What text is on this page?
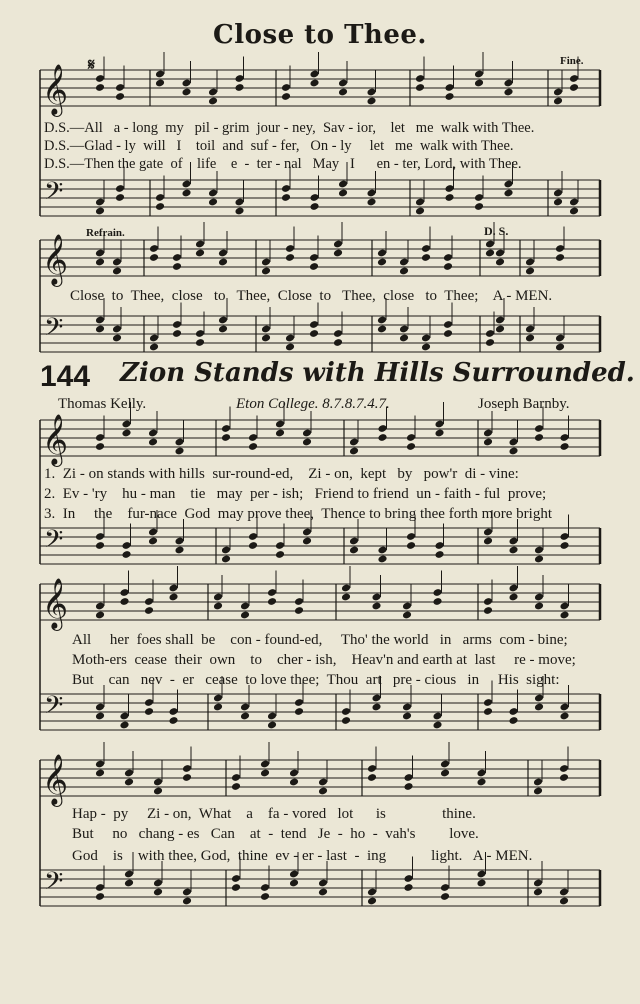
𝄞
𝄢
𝄞
𝄢
𝄞
𝄢
𝄞
𝄢
𝄞
𝄢
Close to Thee.
𝄋	Fine.
D.S.—All   a - long  my   pil - grim  jour - ney,  Sav - ior,    let   me  walk with Thee.
D.S.—Glad - ly  will   I    toil  and  suf - fer,   On - ly     let   me  walk with Thee.
D.S.—Then the gate  of    life    e  -  ter - nal   May   I      en - ter, Lord, with Thee.
Refrain.	D. S.
Close  to  Thee,  close   to   Thee,  Close  to   Thee,  close   to  Thee;    A - MEN.
144 Zion Stands with Hills Surrounded.
Thomas Kelly.	Eton College. 8.7.8.7.4.7.	Joseph Barnby.
1.  Zi - on stands with hills  sur-round-ed,    Zi - on,  kept   by   pow'r  di - vine:
2.  Ev - 'ry    hu - man    tie   may  per - ish;   Friend to friend  un - faith - ful  prove;
3.  In     the    fur-nace  God  may prove thee,  Thence to bring thee forth more bright
All     her  foes shall  be    con - found-ed,     Tho' the world   in   arms  com - bine;
Moth-ers  cease  their  own    to    cher - ish,    Heav'n and earth at  last     re - move;
But    can   nev  -  er   cease  to love thee;  Thou  art   pre - cious   in     His  sight:
Hap -  py     Zi - on,  What    a    fa - vored   lot      is               thine.
But     no   chang - es   Can    at  -  tend   Je  -  ho  -  vah's         love.
God    is    with thee, God,  thine  ev - er - last  -  ing            light.   A - MEN.
